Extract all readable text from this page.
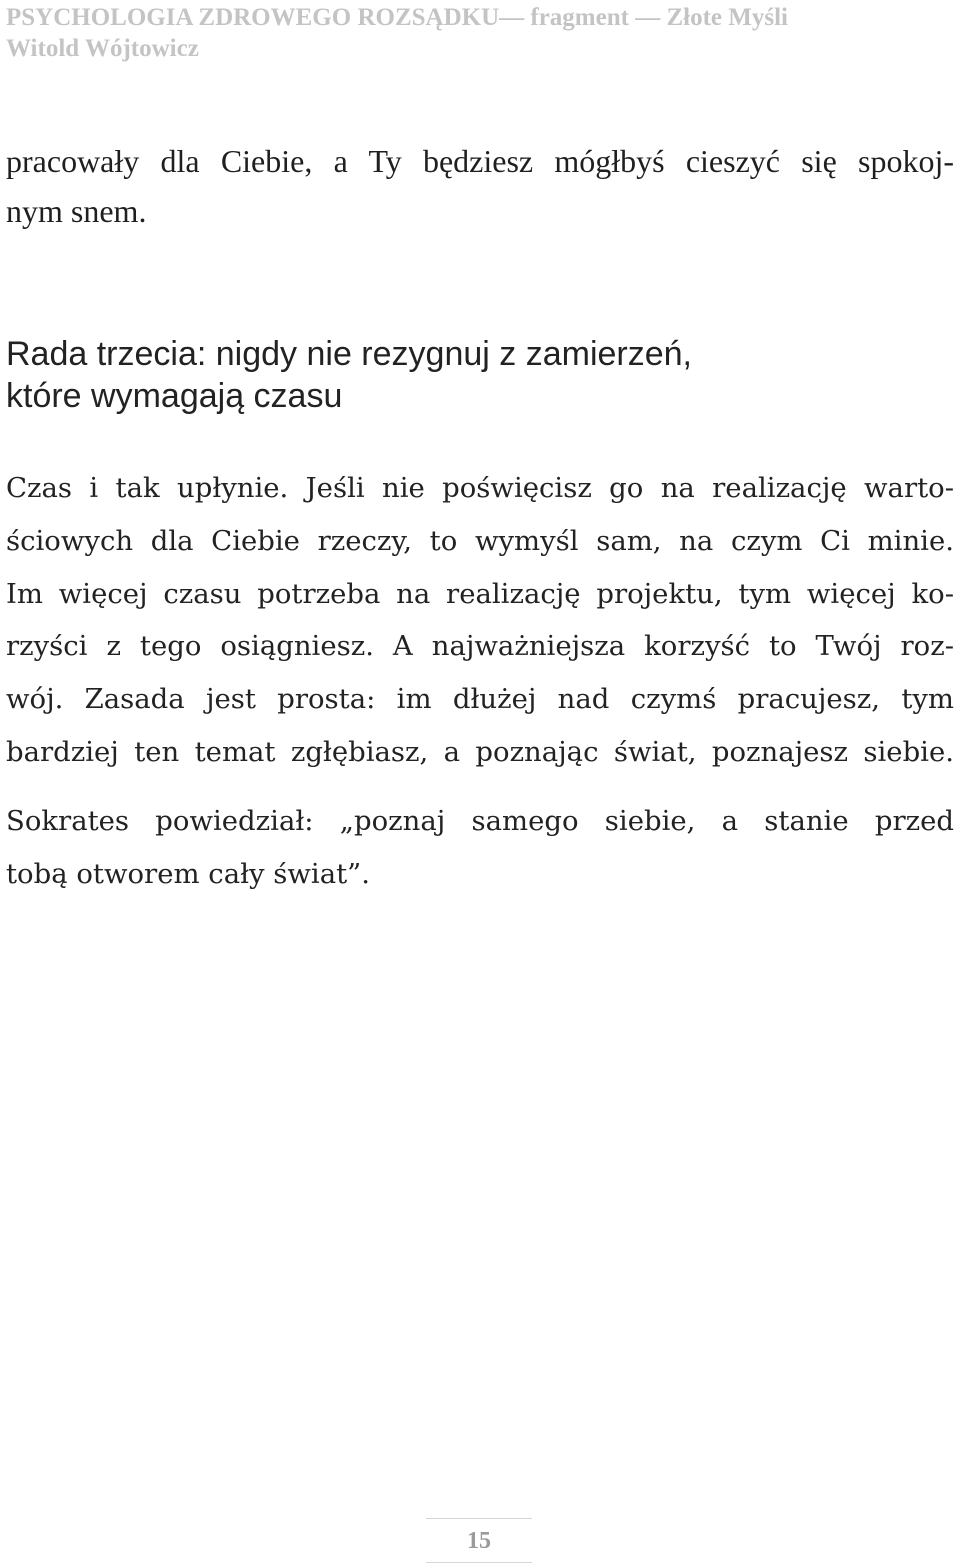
PSYCHOLOGIA ZDROWEGO ROZSĄDKU— fragment — Złote Myśli
Witold Wójtowicz

pracowały dla Ciebie, a Ty będziesz mógłbyś cieszyć się spokoj-
nym snem.

Rada trzecia: nigdy nie rezygnuj z zamierzeń,
które wymagają czasu

Czas i tak upłynie. Jeśli nie poświęcisz go na realizację warto-
ściowych dla Ciebie rzeczy, to wymyśl sam, na czym Ci minie.
Im więcej czasu potrzeba na realizację projektu, tym więcej ko-
rzyści z tego osiągniesz. A najważniejsza korzyść to Twój roz-
wój. Zasada jest prosta: im dłużej nad czymś pracujesz, tym
bardziej ten temat zgłębiasz, a poznając świat, poznajesz siebie.

Sokrates powiedział: „poznaj samego siebie, a stanie przed
tobą otworem cały świat”.

15
